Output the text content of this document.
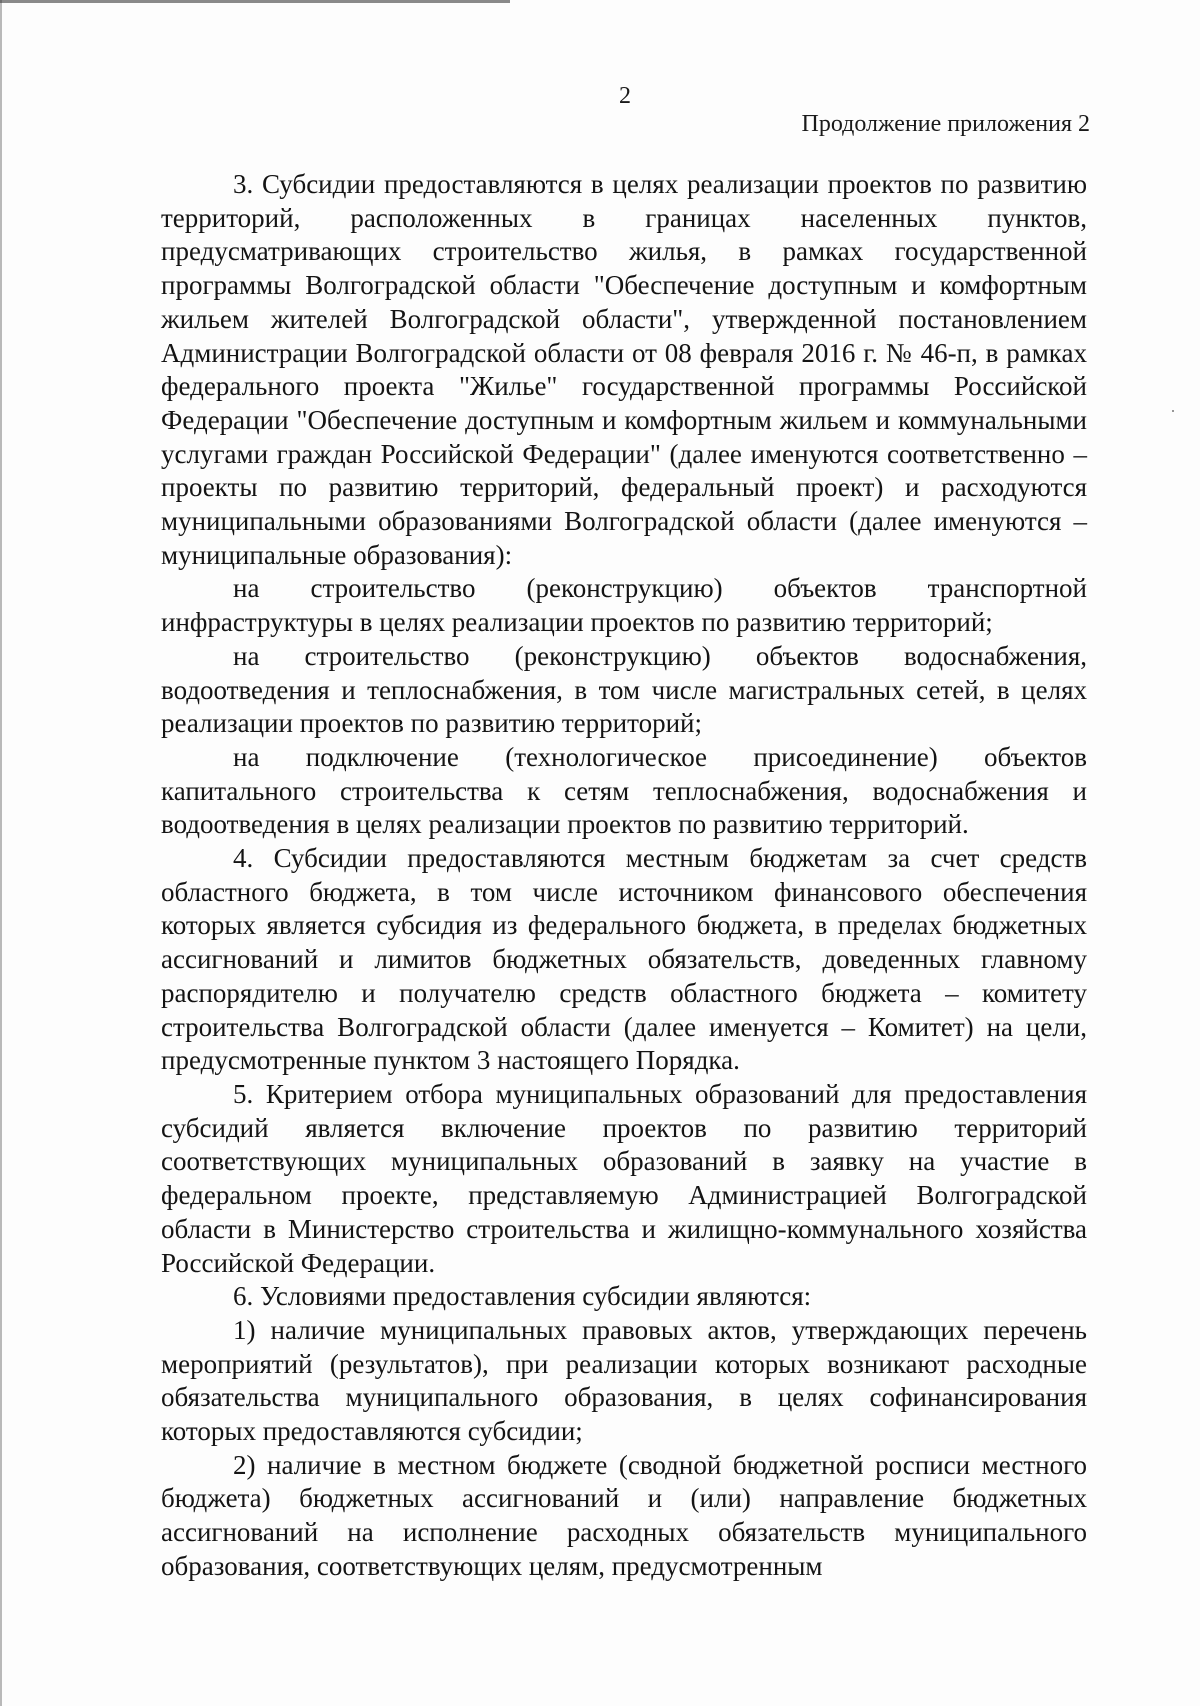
2
Продолжение приложения 2

3. Субсидии предоставляются в целях реализации проектов по развитию территорий, расположенных в границах населенных пунктов, предусматривающих строительство жилья, в рамках государственной программы Волгоградской области "Обеспечение доступным и комфортным жильем жителей Волгоградской области", утвержденной постановлением Администрации Волгоградской области от 08 февраля 2016 г. № 46-п, в рамках федерального проекта "Жилье" государственной программы Российской Федерации "Обеспечение доступным и комфортным жильем и коммунальными услугами граждан Российской Федерации" (далее именуются соответственно – проекты по развитию территорий, федеральный проект) и расходуются муниципальными образованиями Волгоградской области (далее именуются – муниципальные образования):

на строительство (реконструкцию) объектов транспортной инфраструктуры в целях реализации проектов по развитию территорий;

на строительство (реконструкцию) объектов водоснабжения, водоотведения и теплоснабжения, в том числе магистральных сетей, в целях реализации проектов по развитию территорий;

на подключение (технологическое присоединение) объектов капитального строительства к сетям теплоснабжения, водоснабжения и водоотведения в целях реализации проектов по развитию территорий.

4. Субсидии предоставляются местным бюджетам за счет средств областного бюджета, в том числе источником финансового обеспечения которых является субсидия из федерального бюджета, в пределах бюджетных ассигнований и лимитов бюджетных обязательств, доведенных главному распорядителю и получателю средств областного бюджета – комитету строительства Волгоградской области (далее именуется – Комитет) на цели, предусмотренные пунктом 3 настоящего Порядка.

5. Критерием отбора муниципальных образований для предоставления субсидий является включение проектов по развитию территорий соответствующих муниципальных образований в заявку на участие в федеральном проекте, представляемую Администрацией Волгоградской области в Министерство строительства и жилищно-коммунального хозяйства Российской Федерации.

6. Условиями предоставления субсидии являются:

1) наличие муниципальных правовых актов, утверждающих перечень мероприятий (результатов), при реализации которых возникают расходные обязательства муниципального образования, в целях софинансирования которых предоставляются субсидии;

2) наличие в местном бюджете (сводной бюджетной росписи местного бюджета) бюджетных ассигнований и (или) направление бюджетных ассигнований на исполнение расходных обязательств муниципального образования, соответствующих целям, предусмотренным
